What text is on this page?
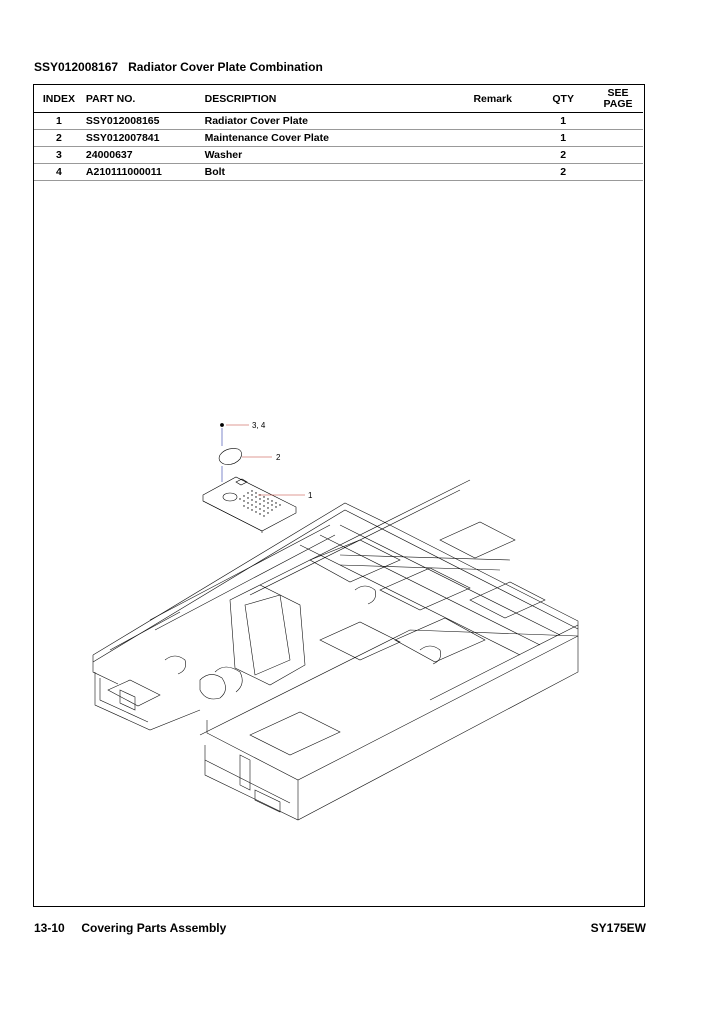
SSY012008167 Radiator Cover Plate Combination
INDEX	PART NO.	DESCRIPTION	Remark	QTY	SEE
PAGE
1	SSY012008165	Radiator Cover Plate		1	
2	SSY012007841	Maintenance Cover Plate		1	
3	24000637	Washer		2	
4	A210111000011	Bolt		2	
3, 4
2
1
13-10 Covering Parts Assembly	SY175EW
